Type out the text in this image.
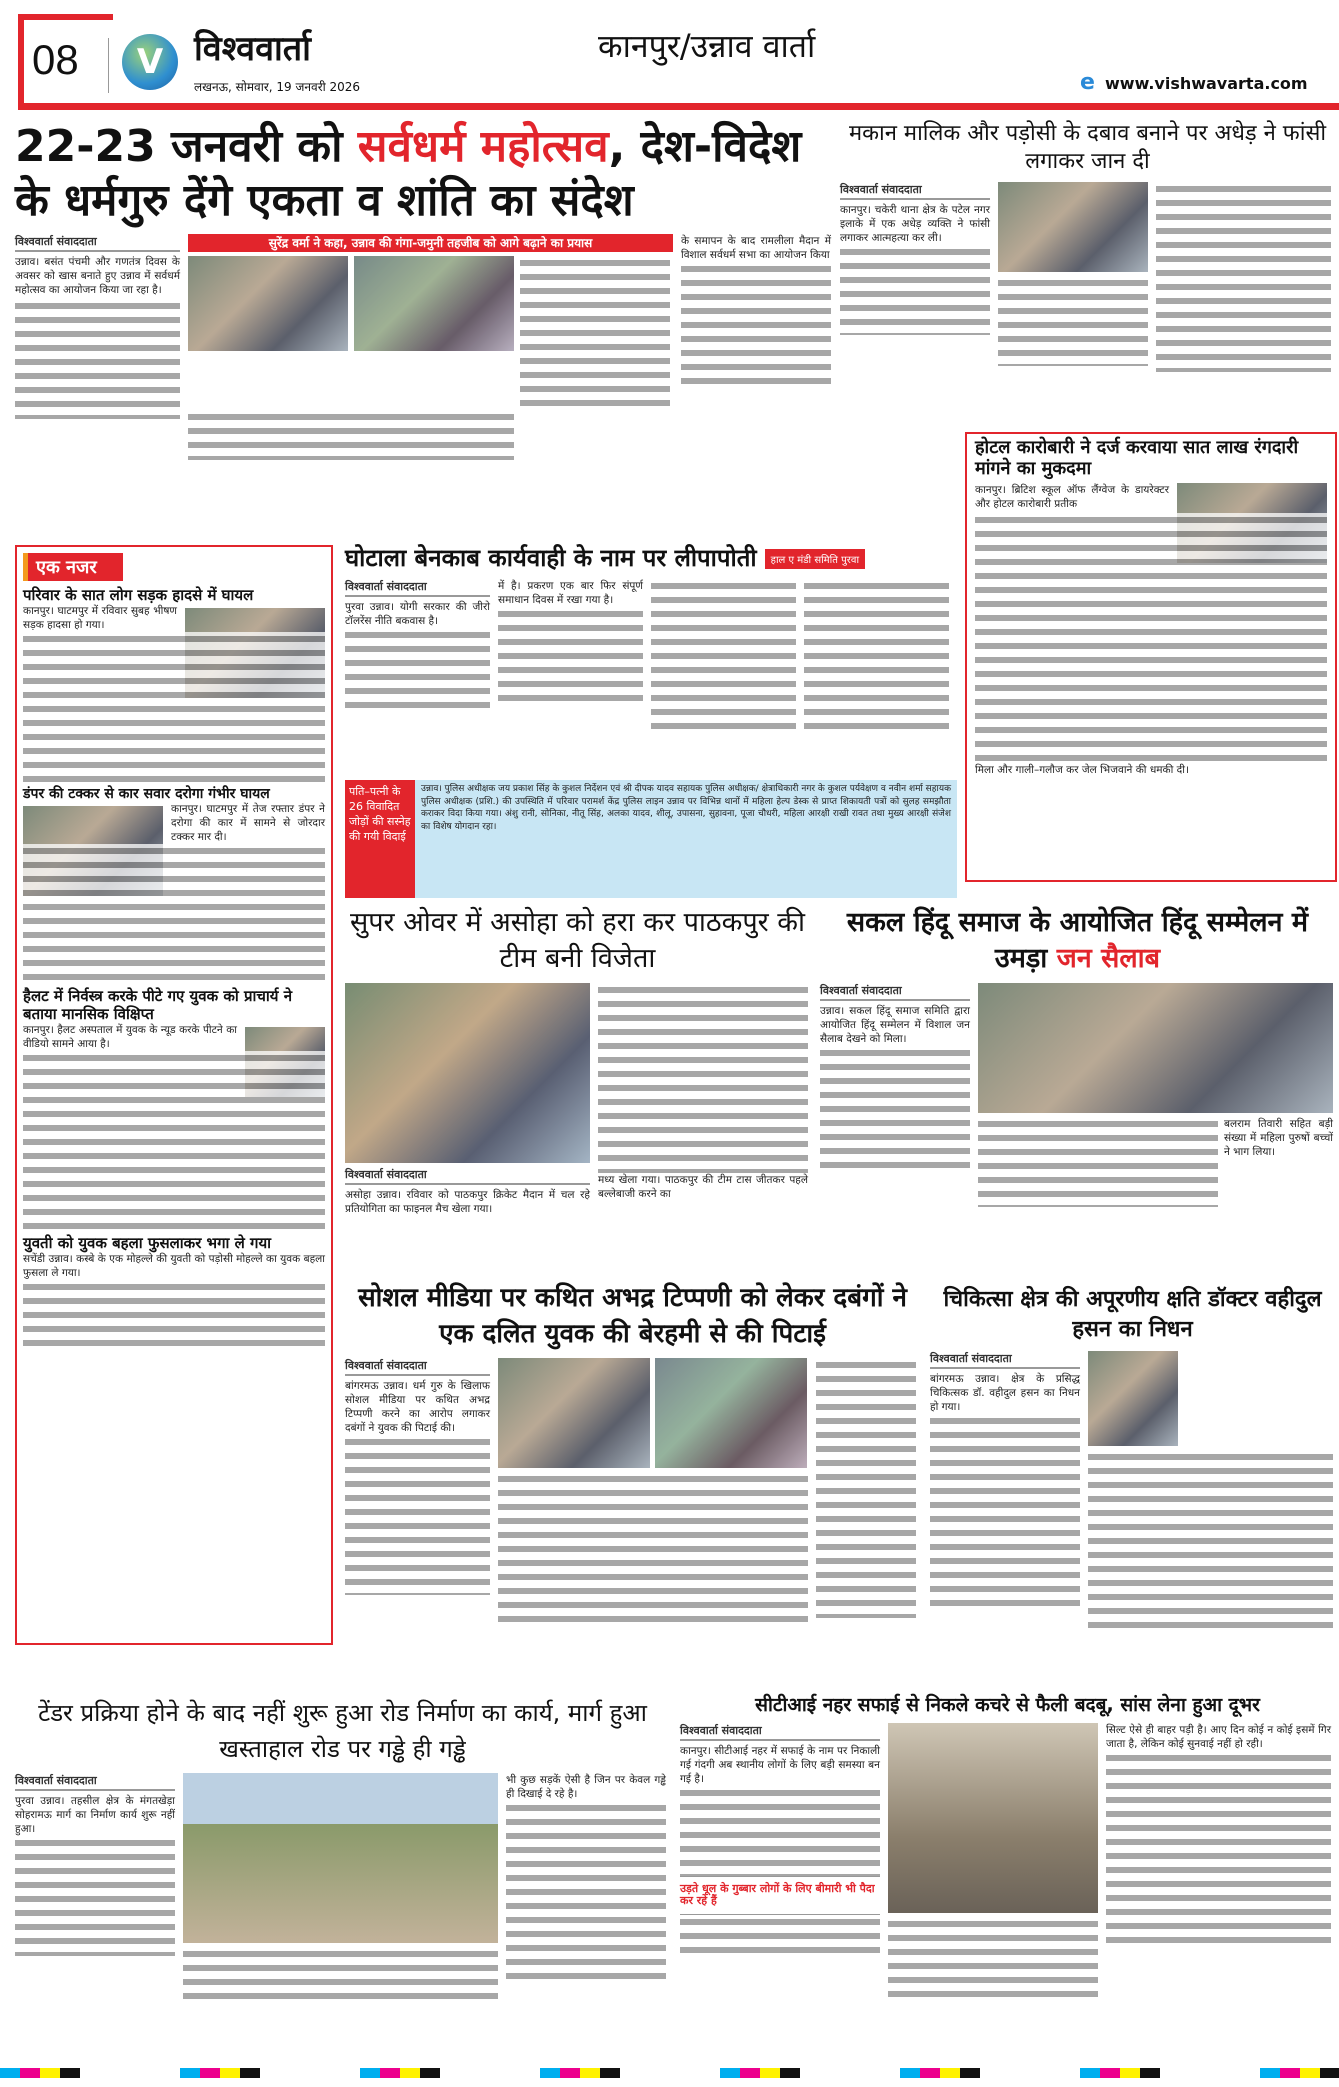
08	V विश्ववार्ता
लखनऊ, सोमवार, 19 जनवरी 2026
कानपुर/उन्नाव वार्ता
e www.vishwavarta.com
22-23 जनवरी को सर्वधर्म महोत्सव, देश-विदेश के धर्मगुरु देंगे एकता व शांति का संदेश
विश्ववार्ता संवाददाता
उन्नाव। बसंत पंचमी और गणतंत्र दिवस के अवसर को खास बनाते हुए उन्नाव में सर्वधर्म महोत्सव का आयोजन किया जा रहा है।
सुरेंद्र वर्मा ने कहा, उन्नाव की गंगा-जमुनी तहजीब को आगे बढ़ाने का प्रयास	के समापन के बाद रामलीला मैदान में विशाल सर्वधर्म सभा का आयोजन किया
मकान मालिक और पड़ोसी के दबाव बनाने पर अधेड़ ने फांसी लगाकर जान दी
विश्ववार्ता संवाददाता
कानपुर। चकेरी थाना क्षेत्र के पटेल नगर इलाके में एक अधेड़ व्यक्ति ने फांसी लगाकर आत्महत्या कर ली।
होटल कारोबारी ने दर्ज करवाया सात लाख रंगदारी मांगने का मुकदमा
कानपुर। ब्रिटिश स्कूल ऑफ लैंग्वेज के डायरेक्टर और होटल कारोबारी प्रतीक
मिला और गाली–गलौज कर जेल भिजवाने की धमकी दी।
एक नजर
परिवार के सात लोग सड़क हादसे में घायल
कानपुर। घाटमपुर में रविवार सुबह भीषण सड़क हादसा हो गया।
डंपर की टक्कर से कार सवार दरोगा गंभीर घायल
कानपुर। घाटमपुर में तेज रफ्तार डंपर ने दरोगा की कार में सामने से जोरदार टक्कर मार दी।
हैलट में निर्वस्त्र करके पीटे गए युवक को प्राचार्य ने बताया मानसिक विक्षिप्त
कानपुर। हैलट अस्पताल में युवक के न्यूड करके पीटने का वीडियो सामने आया है।
युवती को युवक बहला फुसलाकर भगा ले गया
सचेंडी उन्नाव। कस्बे के एक मोहल्ले की युवती को पड़ोसी मोहल्ले का युवक बहला फुसला ले गया।
घोटाला बेनकाब कार्यवाही के नाम पर लीपापोती	हाल ए मंडी समिति पुरवा
विश्ववार्ता संवाददाता
पुरवा उन्नाव। योगी सरकार की जीरो टॉलरेंस नीति बकवास है।
में है। प्रकरण एक बार फिर संपूर्ण समाधान दिवस में रखा गया है।
पति–पत्नी के 26 विवादित जोड़ों की सस्नेह की गयी विदाई
उन्नाव। पुलिस अधीक्षक जय प्रकाश सिंह के कुशल निर्देशन एवं श्री दीपक यादव सहायक पुलिस अधीक्षक/ क्षेत्राधिकारी नगर के कुशल पर्यवेक्षण व नवीन शर्मा सहायक पुलिस अधीक्षक (प्रशि.) की उपस्थिति में परिवार परामर्श केंद्र पुलिस लाइन उन्नाव पर विभिन्न थानों में महिला हेल्प डेस्क से प्राप्त शिकायती पत्रों को सुलह समझौता कराकर विदा किया गया। अंशु रानी, सोनिका, नीतू सिंह, अलका यादव, शीलू, उपासना, सुहावना, पूजा चौधरी, महिला आरक्षी राखी रावत तथा मुख्य आरक्षी संजेश का विशेष योगदान रहा।
सुपर ओवर में असोहा को हरा कर पाठकपुर की टीम बनी विजेता
विश्ववार्ता संवाददाता
असोहा उन्नाव। रविवार को पाठकपुर क्रिकेट मैदान में चल रहे प्रतियोगिता का फाइनल मैच खेला गया।
मध्य खेला गया। पाठकपुर की टीम टास जीतकर पहले बल्लेबाजी करने का
सकल हिंदू समाज के आयोजित हिंदू सम्मेलन में उमड़ा जन सैलाब
विश्ववार्ता संवाददाता
उन्नाव। सकल हिंदू समाज समिति द्वारा आयोजित हिंदू सम्मेलन में विशाल जन सैलाब देखने को मिला।
बलराम तिवारी सहित बड़ी संख्या में महिला पुरुषों बच्चों ने भाग लिया।
सोशल मीडिया पर कथित अभद्र टिप्पणी को लेकर दबंगों ने एक दलित युवक की बेरहमी से की पिटाई
विश्ववार्ता संवाददाता
बांगरमऊ उन्नाव। धर्म गुरु के खिलाफ सोशल मीडिया पर कथित अभद्र टिप्पणी करने का आरोप लगाकर दबंगों ने युवक की पिटाई की।
चिकित्सा क्षेत्र की अपूरणीय क्षति डॉक्टर वहीदुल हसन का निधन
विश्ववार्ता संवाददाता
बांगरमऊ उन्नाव। क्षेत्र के प्रसिद्ध चिकित्सक डॉ. वहीदुल हसन का निधन हो गया।
टेंडर प्रक्रिया होने के बाद नहीं शुरू हुआ रोड निर्माण का कार्य, मार्ग हुआ खस्ताहाल रोड पर गड्ढे ही गड्ढे
विश्ववार्ता संवाददाता
पुरवा उन्नाव। तहसील क्षेत्र के मंगतखेड़ा सोहरामऊ मार्ग का निर्माण कार्य शुरू नहीं हुआ।
भी कुछ सड़कें ऐसी है जिन पर केवल गड्ढे ही दिखाई दे रहे है।
सीटीआई नहर सफाई से निकले कचरे से फैली बदबू, सांस लेना हुआ दूभर
विश्ववार्ता संवाददाता
कानपुर। सीटीआई नहर में सफाई के नाम पर निकाली गई गंदगी अब स्थानीय लोगों के लिए बड़ी समस्या बन गई है।
उड़ते धूल के गुब्बार लोगों के लिए बीमारी भी पैदा कर रहे हैं
सिल्ट ऐसे ही बाहर पड़ी है। आए दिन कोई न कोई इसमें गिर जाता है, लेकिन कोई सुनवाई नहीं हो रही।
